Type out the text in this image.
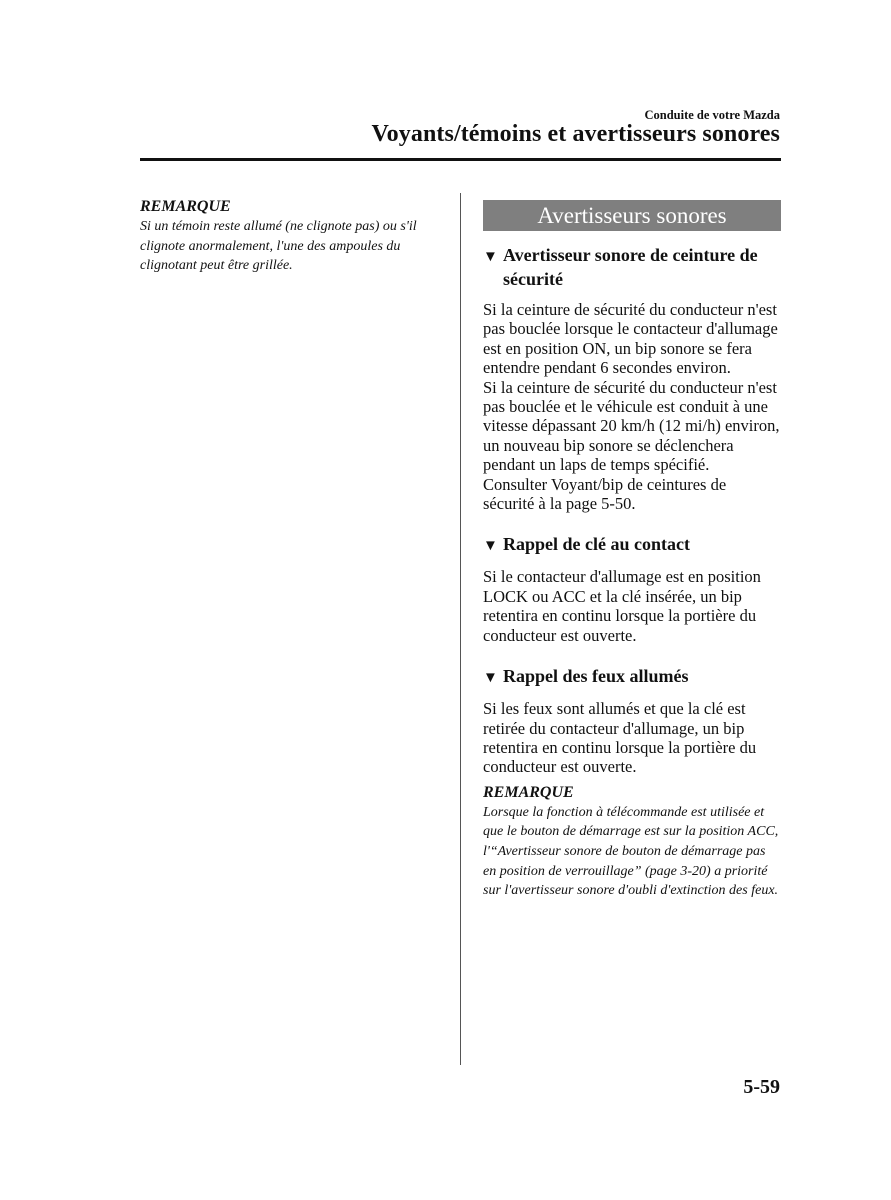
Conduite de votre Mazda
Voyants/témoins et avertisseurs sonores
REMARQUE
Si un témoin reste allumé (ne clignote pas) ou s'il clignote anormalement, l'une des ampoules du clignotant peut être grillée.
Avertisseurs sonores
▼ Avertisseur sonore de ceinture de sécurité
Si la ceinture de sécurité du conducteur n'est pas bouclée lorsque le contacteur d'allumage est en position ON, un bip sonore se fera entendre pendant 6 secondes environ.
Si la ceinture de sécurité du conducteur n'est pas bouclée et le véhicule est conduit à une vitesse dépassant 20 km/h (12 mi/h) environ, un nouveau bip sonore se déclenchera pendant un laps de temps spécifié.
Consulter Voyant/bip de ceintures de sécurité à la page 5-50.
▼ Rappel de clé au contact
Si le contacteur d'allumage est en position LOCK ou ACC et la clé insérée, un bip retentira en continu lorsque la portière du conducteur est ouverte.
▼ Rappel des feux allumés
Si les feux sont allumés et que la clé est retirée du contacteur d'allumage, un bip retentira en continu lorsque la portière du conducteur est ouverte.
REMARQUE
Lorsque la fonction à télécommande est utilisée et que le bouton de démarrage est sur la position ACC, l'“Avertisseur sonore de bouton de démarrage pas en position de verrouillage” (page 3-20) a priorité sur l'avertisseur sonore d'oubli d'extinction des feux.
5-59
